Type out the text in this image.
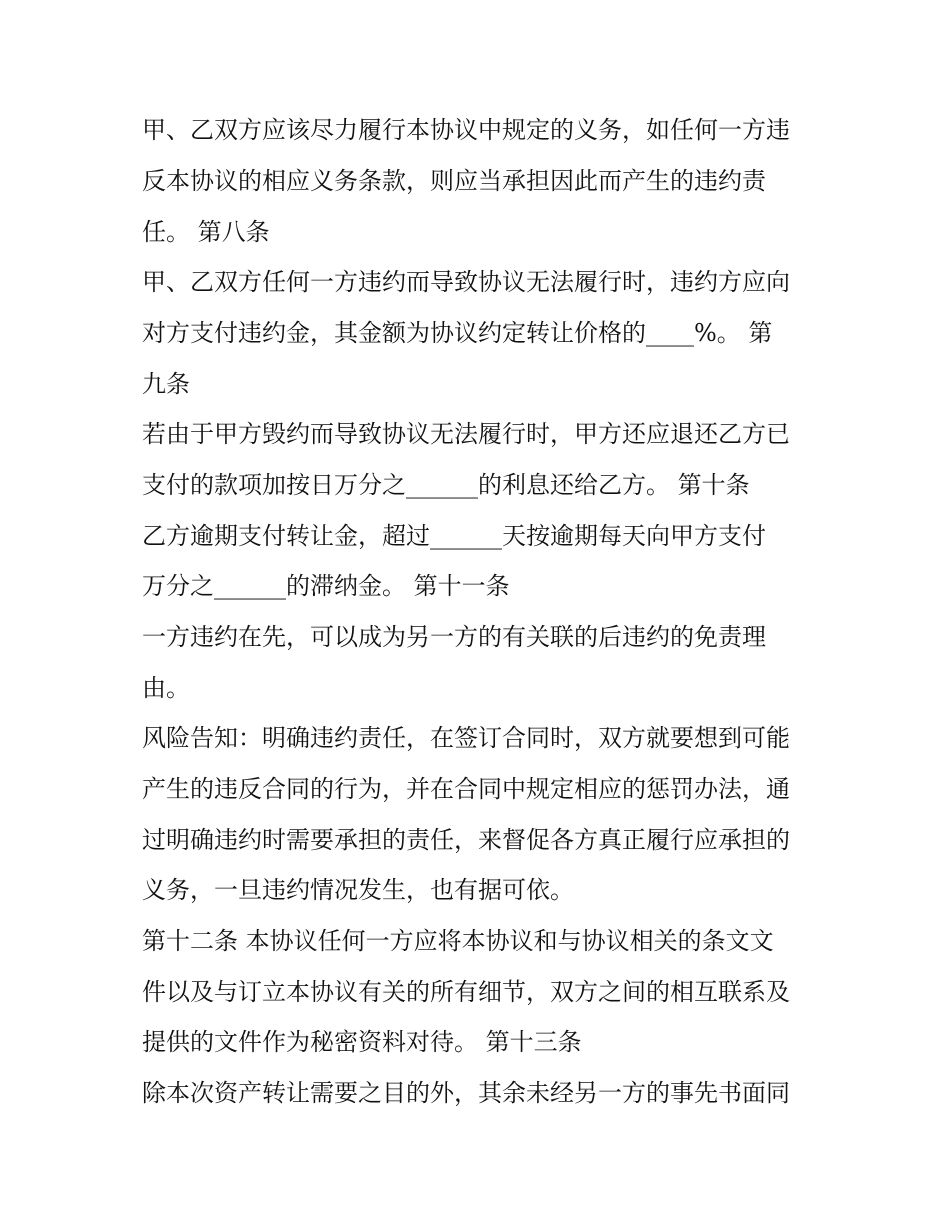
甲、乙双方应该尽力履行本协议中规定的义务，如任何一方违
反本协议的相应义务条款，则应当承担因此而产生的违约责
任。 第八条
甲、乙双方任何一方违约而导致协议无法履行时，违约方应向
对方支付违约金，其金额为协议约定转让价格的____%。 第
九条
若由于甲方毁约而导致协议无法履行时，甲方还应退还乙方已
支付的款项加按日万分之______的利息还给乙方。 第十条
乙方逾期支付转让金，超过______天按逾期每天向甲方支付
万分之______的滞纳金。 第十一条
一方违约在先，可以成为另一方的有关联的后违约的免责理
由。
风险告知：明确违约责任，在签订合同时，双方就要想到可能
产生的违反合同的行为，并在合同中规定相应的惩罚办法，通
过明确违约时需要承担的责任，来督促各方真正履行应承担的
义务，一旦违约情况发生，也有据可依。
第十二条 本协议任何一方应将本协议和与协议相关的条文文
件以及与订立本协议有关的所有细节，双方之间的相互联系及
提供的文件作为秘密资料对待。 第十三条
除本次资产转让需要之目的外，其余未经另一方的事先书面同
